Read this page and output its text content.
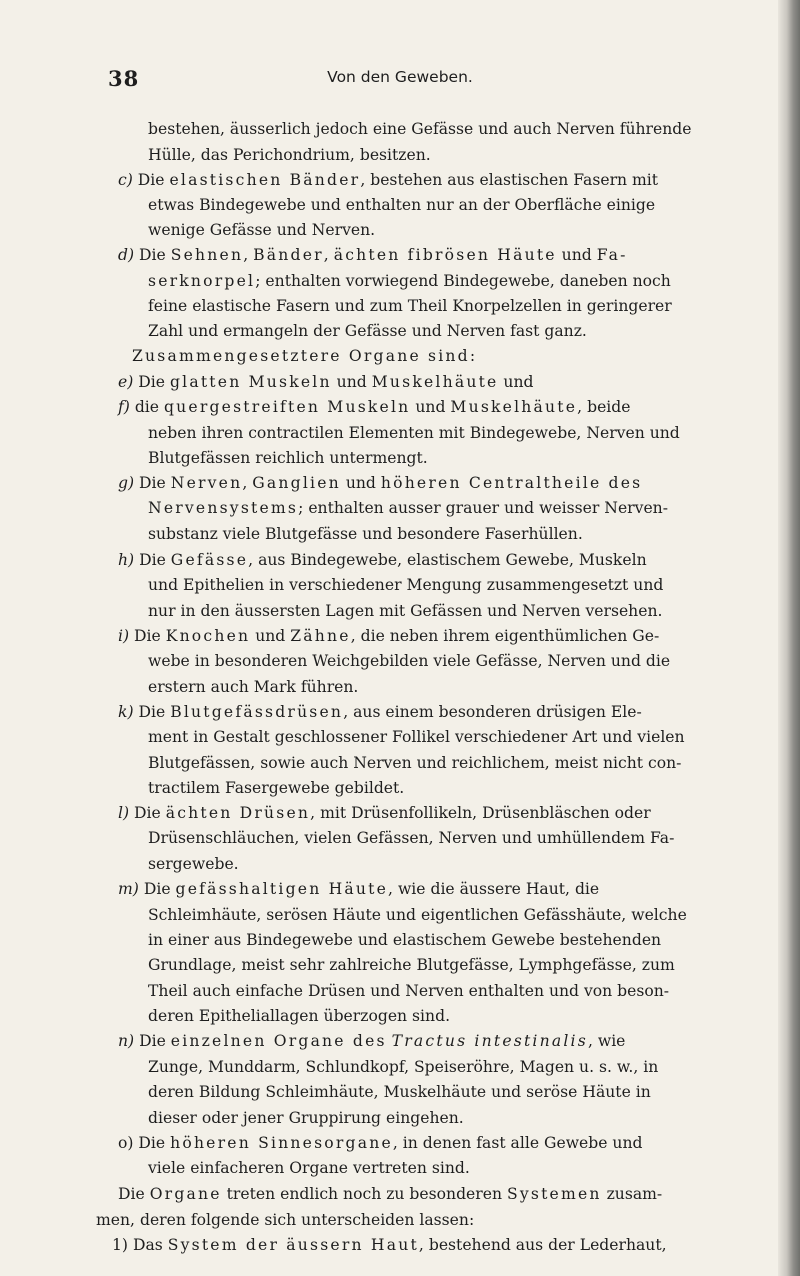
38	Von den Geweben.
bestehen, äusserlich jedoch eine Gefässe und auch Nerven führende
Hülle, das Perichondrium, besitzen.
c) Die elastischen Bänder, bestehen aus elastischen Fasern mit
etwas Bindegewebe und enthalten nur an der Oberfläche einige
wenige Gefässe und Nerven.
d) Die Sehnen, Bänder, ächten fibrösen Häute und Fa-
serknorpel; enthalten vorwiegend Bindegewebe, daneben noch
feine elastische Fasern und zum Theil Knorpelzellen in geringerer
Zahl und ermangeln der Gefässe und Nerven fast ganz.
Zusammengesetztere Organe sind:
e) Die glatten Muskeln und Muskelhäute und
f) die quergestreiften Muskeln und Muskelhäute, beide
neben ihren contractilen Elementen mit Bindegewebe, Nerven und
Blutgefässen reichlich untermengt.
g) Die Nerven, Ganglien und höheren Centraltheile des
Nervensystems; enthalten ausser grauer und weisser Nerven-
substanz viele Blutgefässe und besondere Faserhüllen.
h) Die Gefässe, aus Bindegewebe, elastischem Gewebe, Muskeln
und Epithelien in verschiedener Mengung zusammengesetzt und
nur in den äussersten Lagen mit Gefässen und Nerven versehen.
i) Die Knochen und Zähne, die neben ihrem eigenthümlichen Ge-
webe in besonderen Weichgebilden viele Gefässe, Nerven und die
erstern auch Mark führen.
k) Die Blutgefässdrüsen, aus einem besonderen drüsigen Ele-
ment in Gestalt geschlossener Follikel verschiedener Art und vielen
Blutgefässen, sowie auch Nerven und reichlichem, meist nicht con-
tractilem Fasergewebe gebildet.
l) Die ächten Drüsen, mit Drüsenfollikeln, Drüsenbläschen oder
Drüsenschläuchen, vielen Gefässen, Nerven und umhüllendem Fa-
sergewebe.
m) Die gefässhaltigen Häute, wie die äussere Haut, die
Schleimhäute, serösen Häute und eigentlichen Gefässhäute, welche
in einer aus Bindegewebe und elastischem Gewebe bestehenden
Grundlage, meist sehr zahlreiche Blutgefässe, Lymphgefässe, zum
Theil auch einfache Drüsen und Nerven enthalten und von beson-
deren Epitheliallagen überzogen sind.
n) Die einzelnen Organe des Tractus intestinalis, wie
Zunge, Munddarm, Schlundkopf, Speiseröhre, Magen u. s. w., in
deren Bildung Schleimhäute, Muskelhäute und seröse Häute in
dieser oder jener Gruppirung eingehen.
o) Die höheren Sinnesorgane, in denen fast alle Gewebe und
viele einfacheren Organe vertreten sind.
Die Organe treten endlich noch zu besonderen Systemen zusam-
men, deren folgende sich unterscheiden lassen:
1) Das System der äussern Haut, bestehend aus der Lederhaut,
